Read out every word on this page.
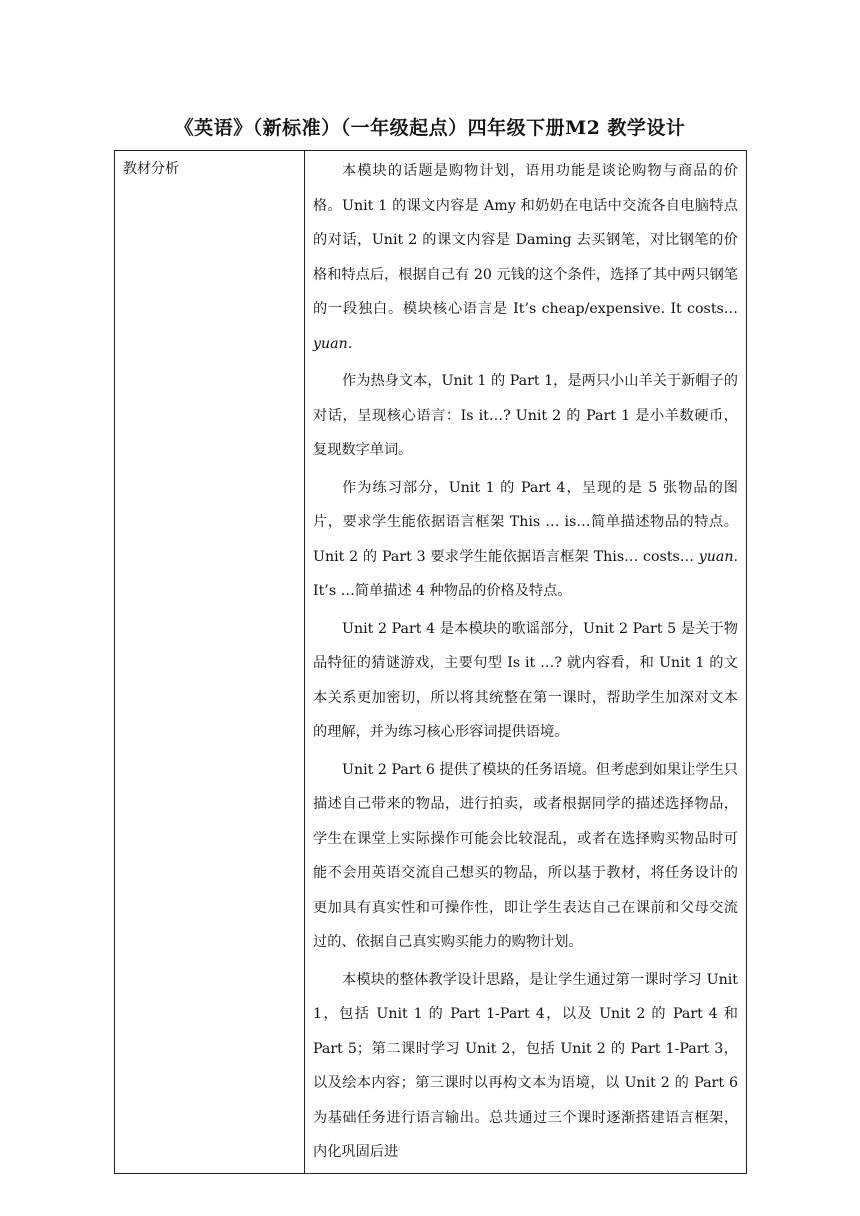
《英语》（新标准）（一年级起点）四年级下册M2 教学设计
教材分析	本模块的话题是购物计划，语用功能是谈论购物与商品的价格。Unit 1 的课文内容是 Amy 和奶奶在电话中交流各自电脑特点的对话，Unit 2 的课文内容是 Daming 去买钢笔，对比钢笔的价格和特点后，根据自己有 20 元钱的这个条件，选择了其中两只钢笔的一段独白。模块核心语言是 It’s cheap/expensive. It costs… yuan.

作为热身文本，Unit 1 的 Part 1，是两只小山羊关于新帽子的对话，呈现核心语言：Is it…? Unit 2 的 Part 1 是小羊数硬币，复现数字单词。

作为练习部分，Unit 1 的 Part 4，呈现的是 5 张物品的图片，要求学生能依据语言框架 This … is…简单描述物品的特点。Unit 2 的 Part 3 要求学生能依据语言框架 This… costs… yuan. It’s …简单描述 4 种物品的价格及特点。

Unit 2 Part 4 是本模块的歌谣部分，Unit 2 Part 5 是关于物品特征的猜谜游戏，主要句型 Is it …? 就内容看，和 Unit 1 的文本关系更加密切，所以将其统整在第一课时，帮助学生加深对文本的理解，并为练习核心形容词提供语境。

Unit 2 Part 6 提供了模块的任务语境。但考虑到如果让学生只描述自己带来的物品，进行拍卖，或者根据同学的描述选择物品，学生在课堂上实际操作可能会比较混乱，或者在选择购买物品时可能不会用英语交流自己想买的物品，所以基于教材，将任务设计的更加具有真实性和可操作性，即让学生表达自己在课前和父母交流过的、依据自己真实购买能力的购物计划。

本模块的整体教学设计思路，是让学生通过第一课时学习 Unit 1，包括 Unit 1 的 Part 1-Part 4，以及 Unit 2 的 Part 4 和 Part 5；第二课时学习 Unit 2，包括 Unit 2 的 Part 1-Part 3，以及绘本内容；第三课时以再构文本为语境，以 Unit 2 的 Part 6 为基础任务进行语言输出。总共通过三个课时逐渐搭建语言框架，内化巩固后进
